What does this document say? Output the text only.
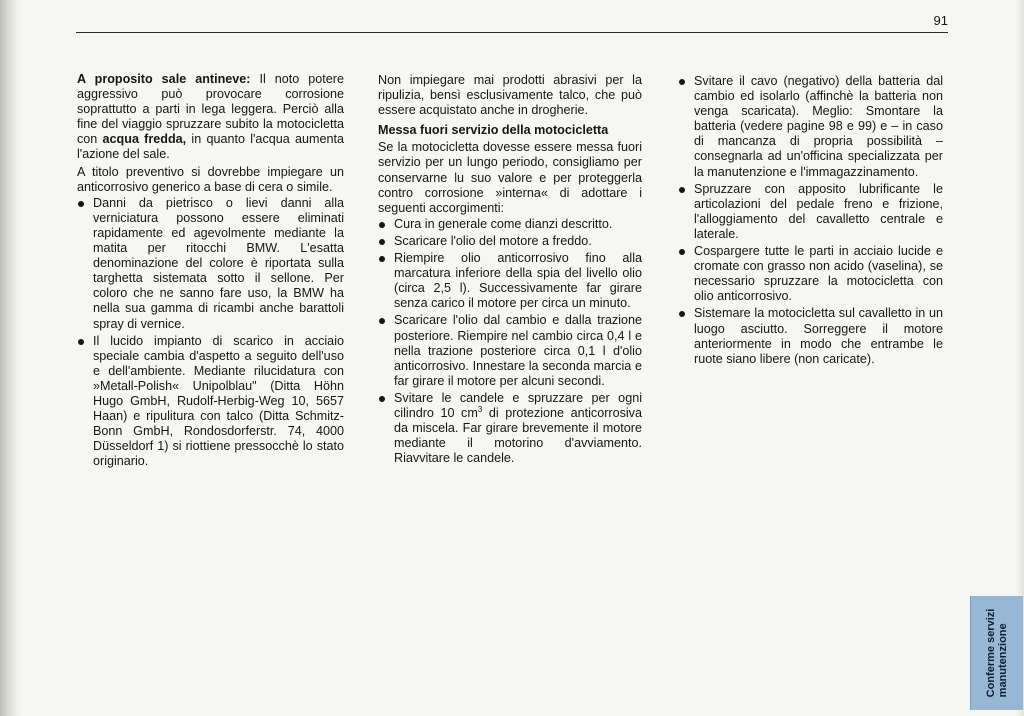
91

A proposito sale antineve: Il noto potere aggressivo può provocare corrosione soprattutto a parti in lega leggera. Perciò alla fine del viaggio spruzzare subito la motocicletta con acqua fredda, in quanto l'acqua aumenta l'azione del sale.

A titolo preventivo si dovrebbe impiegare un anticorrosivo generico a base di cera o simile.

Danni da pietrisco o lievi danni alla verniciatura possono essere eliminati rapidamente ed agevolmente mediante la matita per ritocchi BMW. L'esatta denominazione del colore è riportata sulla targhetta sistemata sotto il sellone. Per coloro che ne sanno fare uso, la BMW ha nella sua gamma di ricambi anche barattoli spray di vernice.
Il lucido impianto di scarico in acciaio speciale cambia d'aspetto a seguito dell'uso e dell'ambiente. Mediante rilucidatura con »Metall-Polish« Unipolblau" (Ditta Höhn Hugo GmbH, Rudolf-Herbig-Weg 10, 5657 Haan) e ripulitura con talco (Ditta Schmitz-Bonn GmbH, Rondosdorferstr. 74, 4000 Düsseldorf 1) si riottiene pressocchè lo stato originario.

Non impiegare mai prodotti abrasivi per la ripulizia, bensì esclusivamente talco, che può essere acquistato anche in drogherie.

Messa fuori servizio della motocicletta

Se la motocicletta dovesse essere messa fuori servizio per un lungo periodo, consigliamo per conservarne lu suo valore e per proteggerla contro corrosione »interna« di adottare i seguenti accorgimenti:

Cura in generale come dianzi descritto.
Scaricare l'olio del motore a freddo.
Riempire olio anticorrosivo fino alla marcatura inferiore della spia del livello olio (circa 2,5 l). Successivamente far girare senza carico il motore per circa un minuto.
Scaricare l'olio dal cambio e dalla trazione posteriore. Riempire nel cambio circa 0,4 l e nella trazione posteriore circa 0,1 l d'olio anticorrosivo. Innestare la seconda marcia e far girare il motore per alcuni secondi.
Svitare le candele e spruzzare per ogni cilindro 10 $cm^3$ di protezione anticorrosiva da miscela. Far girare brevemente il motore mediante il motorino d'avviamento. Riavvitare le candele.
Svitare il cavo (negativo) della batteria dal cambio ed isolarlo (affinchè la batteria non venga scaricata). Meglio: Smontare la batteria (vedere pagine 98 e 99) e – in caso di mancanza di propria possibilità – consegnarla ad un'officina specializzata per la manutenzione e l'immagazzinamento.
Spruzzare con apposito lubrificante le articolazioni del pedale freno e frizione, l'alloggiamento del cavalletto centrale e laterale.
Cospargere tutte le parti in acciaio lucide e cromate con grasso non acido (vaselina), se necessario spruzzare la motocicletta con olio anticorrosivo.
Sistemare la motocicletta sul cavalletto in un luogo asciutto. Sorreggere il motore anteriormente in modo che entrambe le ruote siano libere (non caricate).
Conferme servizi manutenzione
